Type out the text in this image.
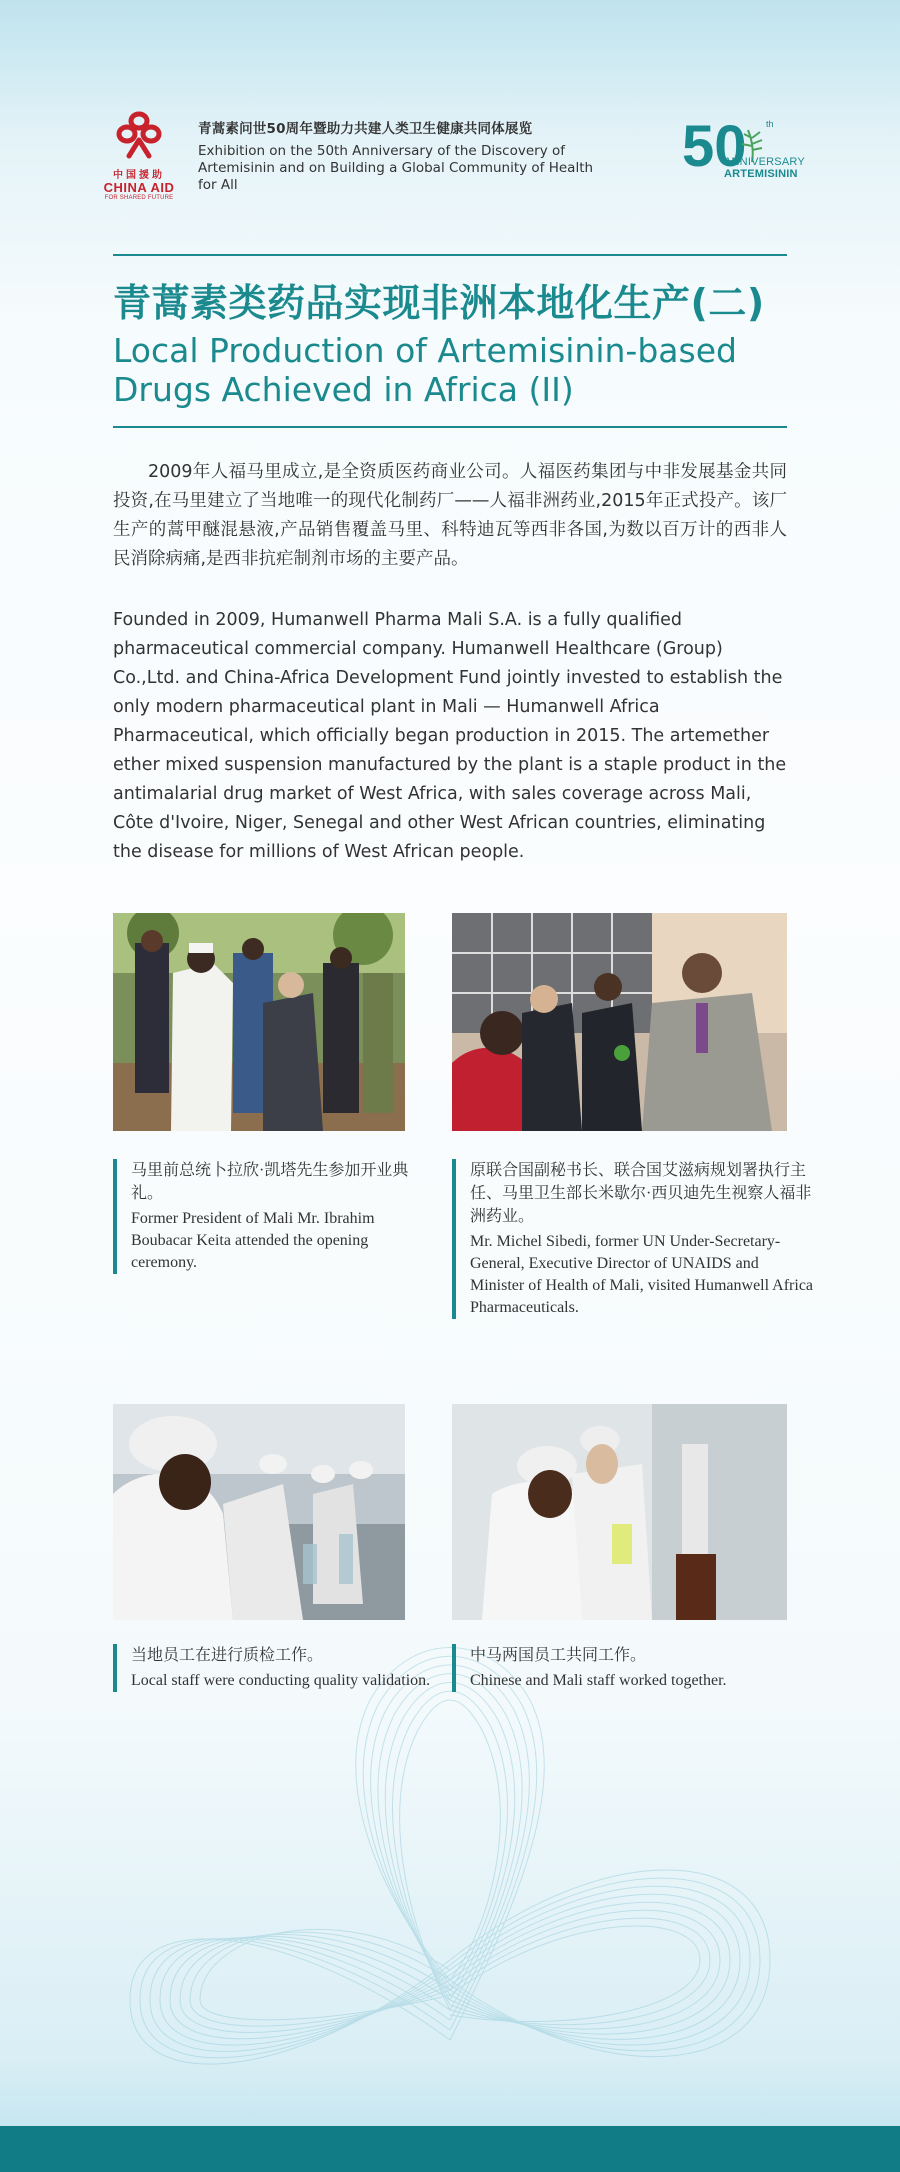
中国援助
CHINA AID
FOR SHARED FUTURE
青蒿素问世50周年暨助力共建人类卫生健康共同体展览
Exhibition on the 50th Anniversary of the Discovery of Artemisinin and on Building a Global Community of Health for All
50 th
ANNIVERSARY
ARTEMISININ
青蒿素类药品实现非洲本地化生产(二)
Local Production of Artemisinin-based Drugs Achieved in Africa (II)
2009年人福马里成立,是全资质医药商业公司。人福医药集团与中非发展基金共同投资,在马里建立了当地唯一的现代化制药厂——人福非洲药业,2015年正式投产。该厂生产的蒿甲醚混悬液,产品销售覆盖马里、科特迪瓦等西非各国,为数以百万计的西非人民消除病痛,是西非抗疟制剂市场的主要产品。
Founded in 2009, Humanwell Pharma Mali S.A. is a fully qualified pharmaceutical commercial company. Humanwell Healthcare (Group) Co.,Ltd. and China-Africa Development Fund jointly invested to establish the only modern pharmaceutical plant in Mali — Humanwell Africa Pharmaceutical, which officially began production in 2015. The artemether ether mixed suspension manufactured by the plant is a staple product in the antimalarial drug market of West Africa, with sales coverage across Mali, Côte d'Ivoire, Niger, Senegal and other West African countries, eliminating the disease for millions of West African people.
马里前总统卜拉欣·凯塔先生参加开业典礼。
Former President of Mali Mr. Ibrahim Boubacar Keita attended the opening ceremony.
原联合国副秘书长、联合国艾滋病规划署执行主任、马里卫生部长米歇尔·西贝迪先生视察人福非洲药业。
Mr. Michel Sibedi, former UN Under-Secretary-General, Executive Director of UNAIDS and Minister of Health of Mali, visited Humanwell Africa Pharmaceuticals.
当地员工在进行质检工作。
Local staff were conducting quality validation.
中马两国员工共同工作。
Chinese and Mali staff worked together.
